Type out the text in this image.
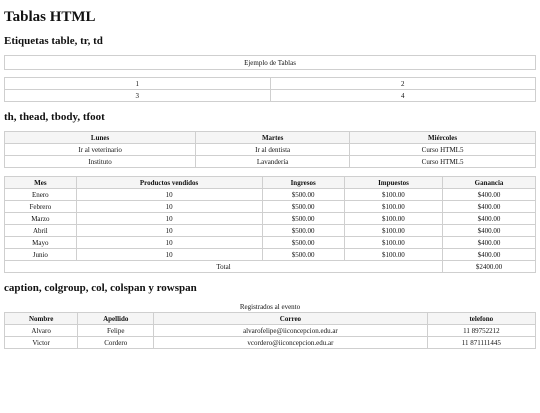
Tablas HTML
Etiquetas table, tr, td
Ejemplo de Tablas
1	2
3	4
th, thead, tbody, tfoot
Lunes	Martes	Miércoles
Ir al veterinario	Ir al dentista	Curso HTML5
Instituto	Lavandería	Curso HTML5
Mes	Productos vendidos	Ingresos	Impuestos	Ganancia
Enero	10	$500.00	$100.00	$400.00
Febrero	10	$500.00	$100.00	$400.00
Marzo	10	$500.00	$100.00	$400.00
Abril	10	$500.00	$100.00	$400.00
Mayo	10	$500.00	$100.00	$400.00
Junio	10	$500.00	$100.00	$400.00
Total				$2400.00
caption, colgroup, col, colspan y rowspan
Registrados al evento
Nombre	Apellido	Correo	telefono
Alvaro	Felipe	alvarofelipe@iiconcepcion.edu.ar	11 89752212
Victor	Cordero	vcordero@iiconcepcion.edu.ar	11 871111445
